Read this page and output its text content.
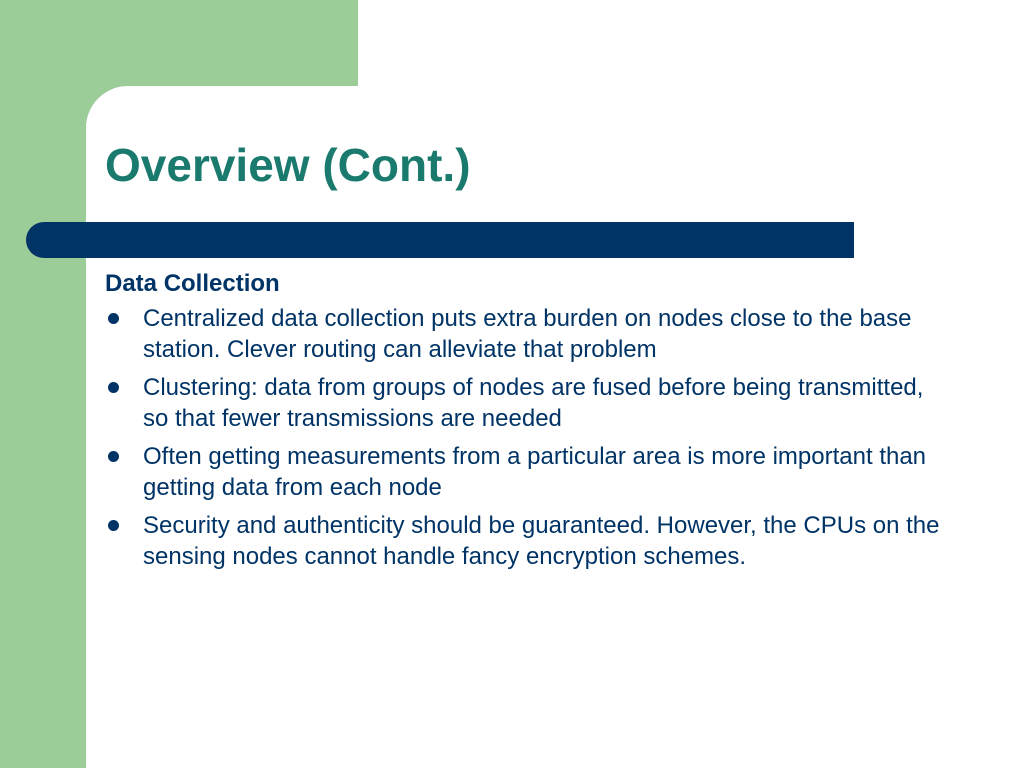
Overview (Cont.)
Data Collection
Centralized data collection puts extra burden on nodes close to the base station. Clever routing can alleviate that problem
Clustering: data from groups of nodes are fused before being transmitted, so that fewer transmissions are needed
Often getting measurements from a particular area is more important than getting data from each node
Security and authenticity should be guaranteed. However, the CPUs on the sensing nodes cannot handle fancy encryption schemes.
